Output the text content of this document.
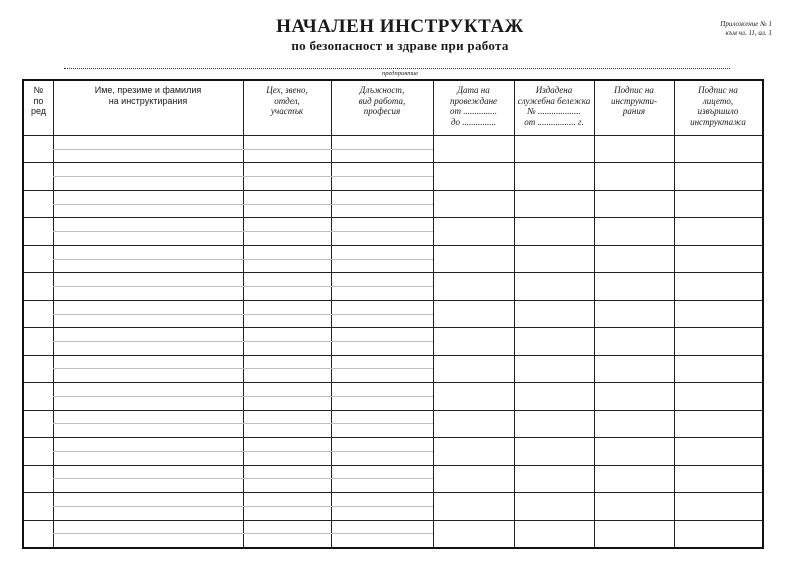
НАЧАЛЕН ИНСТРУКТАЖ
по безопасност и здраве при работа
Приложение № 1
към чл. 11, ал. 1
предприятие
№
по
ред
Име, презиме и фамилия
на инструктирания
Цех, звено,
отдел,
участък
Длъжност,
вид работа,
професия
Дата на
провеждане
от ...............
до ...............
Издадена
служебна бележка
№ ...................
от ................. г.
Подпис на
инструкти-
рания
Подпис на
лицето,
извършило
инструктажа
